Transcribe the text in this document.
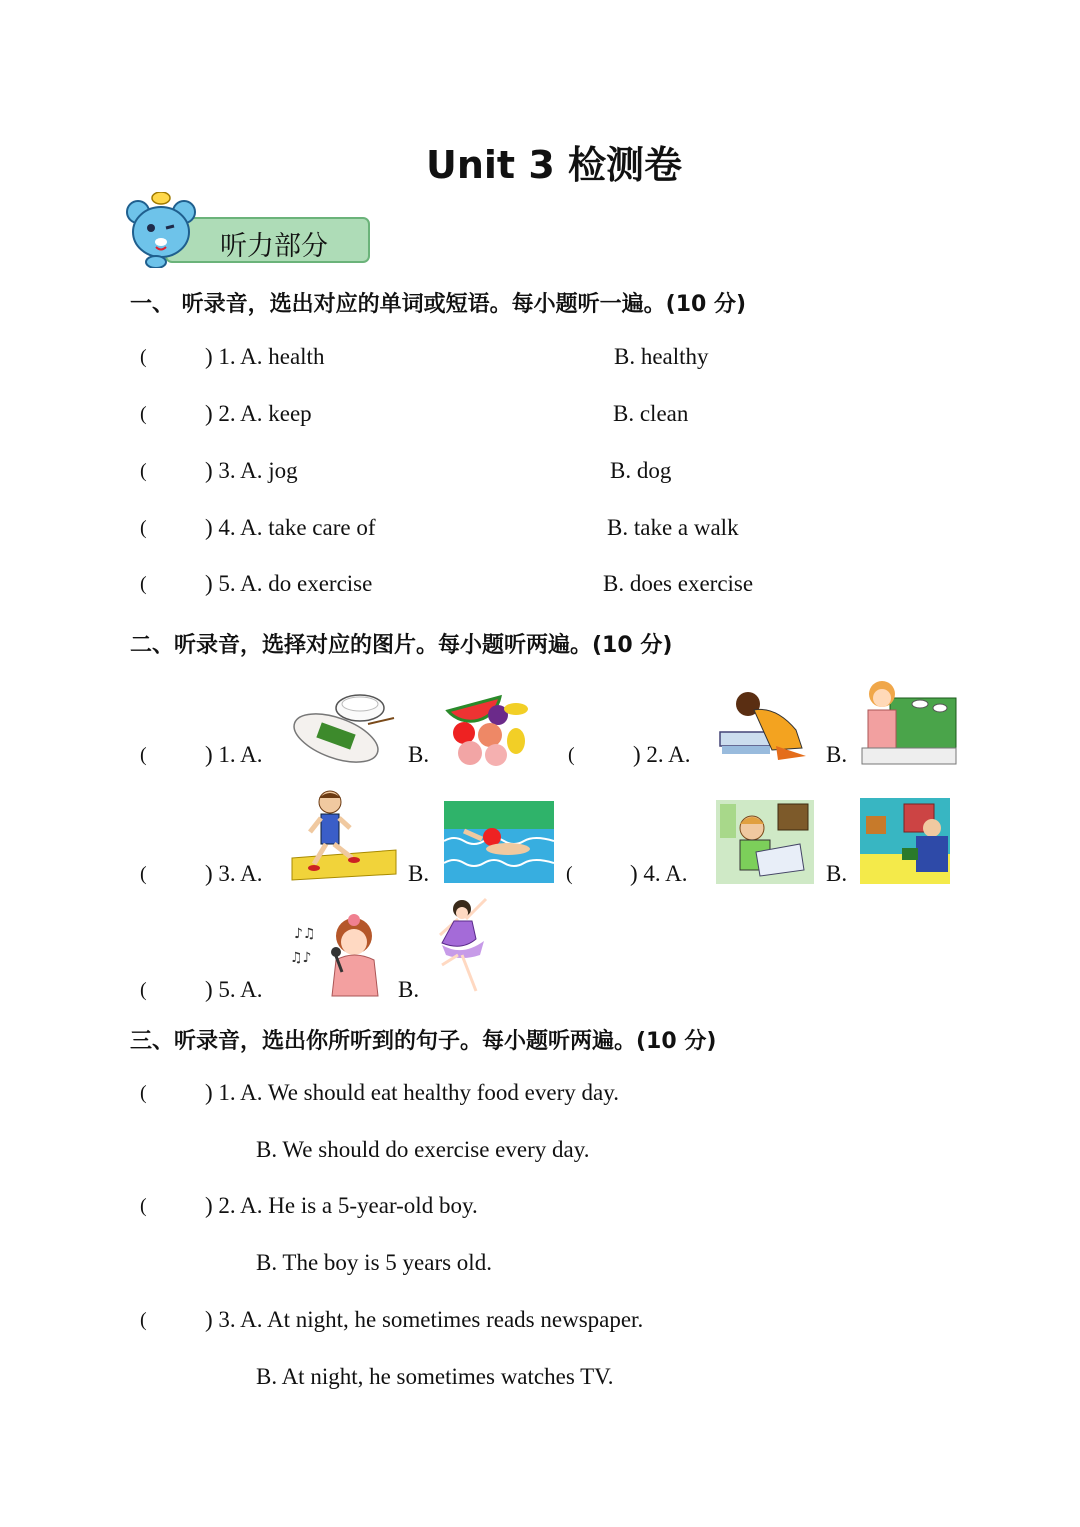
Unit 3 检测卷
听力部分
一、 听录音，选出对应的单词或短语。每小题听一遍。(10 分)
(	) 1. A. health	B. healthy
(	) 2. A. keep	B. clean
(	) 3. A. jog	B. dog
(	) 4. A. take care of	B. take a walk
(	) 5. A. do exercise	B. does exercise
二、听录音，选择对应的图片。每小题听两遍。(10 分)
(	) 1. A.	B.	(	) 2. A.	B.
(	) 3. A.	B.	( ) 4. A.	B.
(	) 5. A.
♪♫
♫♪
B.
三、听录音，选出你所听到的句子。每小题听两遍。(10 分)
(	) 1. A. We should eat healthy food every day.
B. We should do exercise every day.
(	) 2. A. He is a 5-year-old boy.
B. The boy is 5 years old.
(	) 3. A. At night, he sometimes reads newspaper.
B. At night, he sometimes watches TV.
